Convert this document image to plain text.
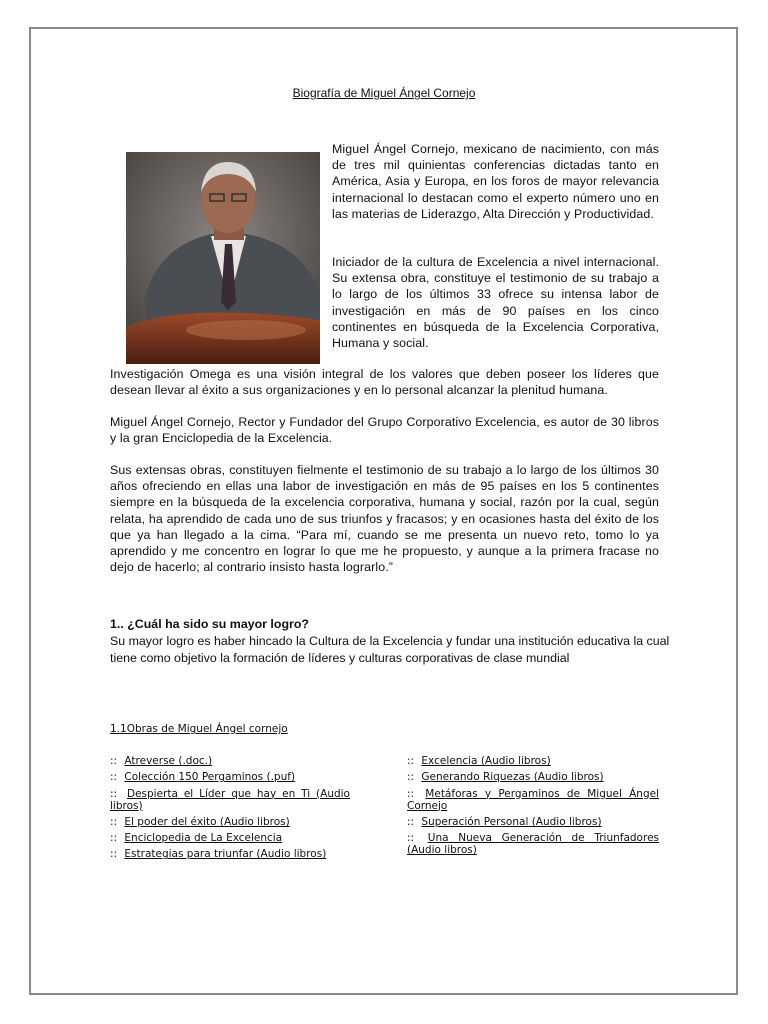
Biografía de Miguel Ángel Cornejo
Miguel Ángel Cornejo, mexicano de nacimiento, con más de tres mil quinientas conferencias dictadas tanto en América, Asia y Europa, en los foros de mayor relevancia internacional lo destacan como el experto número uno en las materias de Liderazgo, Alta Dirección y Productividad.
Iniciador de la cultura de Excelencia a nivel internacional. Su extensa obra, constituye el testimonio de su trabajo a lo largo de los últimos 33 ofrece su intensa labor de investigación en más de 90 países en los cinco continentes en búsqueda de la Excelencia Corporativa, Humana y social.
Investigación Omega es una visión integral de los valores que deben poseer los líderes que desean llevar al éxito a sus organizaciones y en lo personal alcanzar la plenitud humana.
Miguel Ángel Cornejo, Rector y Fundador del Grupo Corporativo Excelencia, es autor de 30 libros y la gran Enciclopedia de la Excelencia.
Sus extensas obras, constituyen fielmente el testimonio de su trabajo a lo largo de los últimos 30 años ofreciendo en ellas una labor de investigación en más de 95 países en los 5 continentes siempre en la búsqueda de la excelencia corporativa, humana y social, razón por la cual, según relata, ha aprendido de cada uno de sus triunfos y fracasos; y en ocasiones hasta del éxito de los que ya han llegado a la cima. “Para mí, cuando se me presenta un nuevo reto, tomo lo ya aprendido y me concentro en lograr lo que me he propuesto, y aunque a la primera fracase no dejo de hacerlo; al contrario insisto hasta lograrlo.”
1.. ¿Cuál ha sido su mayor logro?
Su mayor logro es haber hincado la Cultura de la Excelencia y fundar una institución educativa la cual tiene como objetivo la formación de líderes y culturas corporativas de clase mundial
1.1Obras de Miguel Ángel cornejo
:: Atreverse (.doc.)
:: Colección 150 Pergaminos (.puf)
:: Despierta el Líder que hay en Ti (Audio libros)
:: El poder del éxito (Audio libros)
:: Enciclopedia de La Excelencia
:: Estrategias para triunfar (Audio libros)
:: Excelencia (Audio libros)
:: Generando Riquezas (Audio libros)
:: Metáforas y Pergaminos de Miguel Ángel Cornejo
:: Superación Personal (Audio libros)
:: Una Nueva Generación de Triunfadores (Audio libros)
